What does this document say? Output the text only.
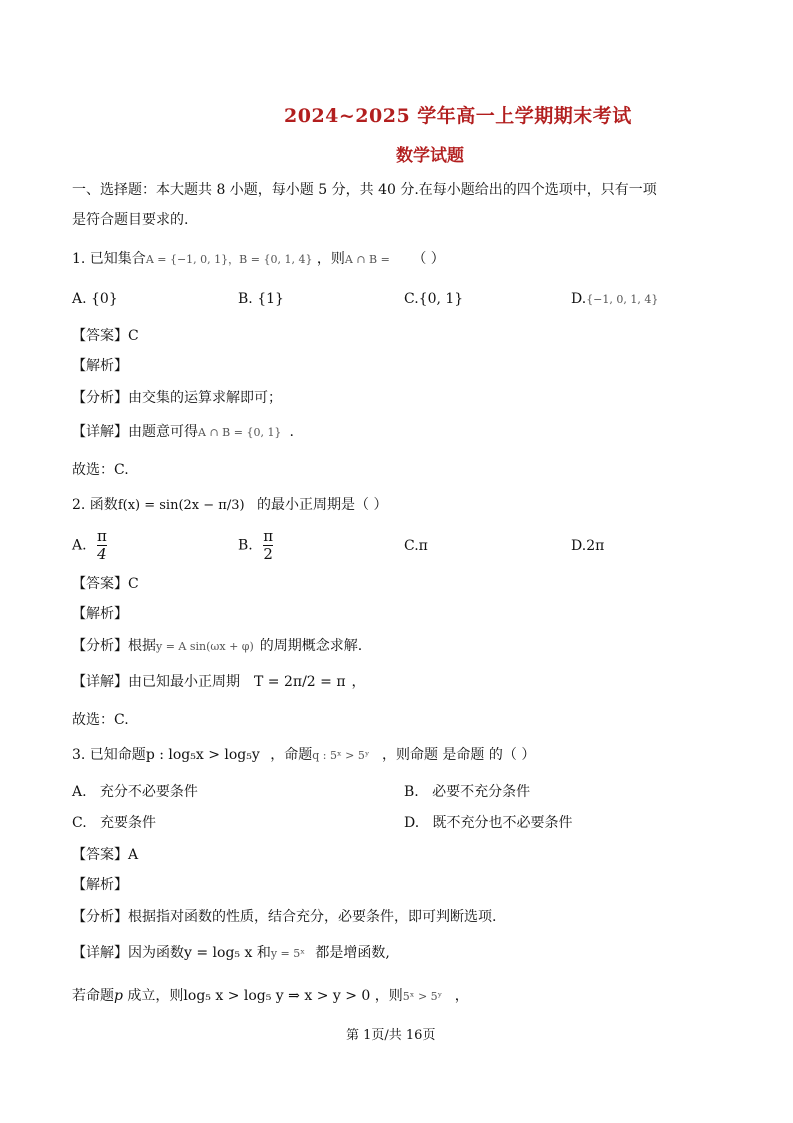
2024~2025 学年高一上学期期末考试
数学试题
一、选择题：本大题共 8 小题，每小题 5 分，共 40 分.在每小题给出的四个选项中，只有一项
是符合题目要求的.
1. 已知集合A = {−1, 0, 1}，B = {0, 1, 4} ，则A ∩ B = （ ）
A. {0}	B. {1}	C.{0, 1}	D.{−1, 0, 1, 4}
【答案】C
【解析】
【分析】由交集的运算求解即可；
【详解】由题意可得A ∩ B = {0, 1} .
故选：C.
2. 函数f(x) = sin(2x − π/3) 的最小正周期是（ ）
A. $\frac{\pi}{4}$	B. $\frac{\pi}{2}$	C.π	D.2π
【答案】C
【解析】
【分析】根据y = A sin(ωx + φ) 的周期概念求解.
【详解】由已知最小正周期 T = 2π/2 = π ，
故选：C.
3. 已知命题p : log₅x > log₅y ，命题q : 5ˣ > 5ʸ ，则命题 是命题 的（ ）
A. 充分不必要条件	B. 必要不充分条件
C. 充要条件	D. 既不充分也不必要条件
【答案】A
【解析】
【分析】根据指对函数的性质，结合充分，必要条件，即可判断选项.
【详解】因为函数y = log₅ x 和y = 5ˣ 都是增函数,
若命题p 成立，则log₅ x > log₅ y ⇒ x > y > 0 ，则5ˣ > 5ʸ ，
第 1页/共 16页
